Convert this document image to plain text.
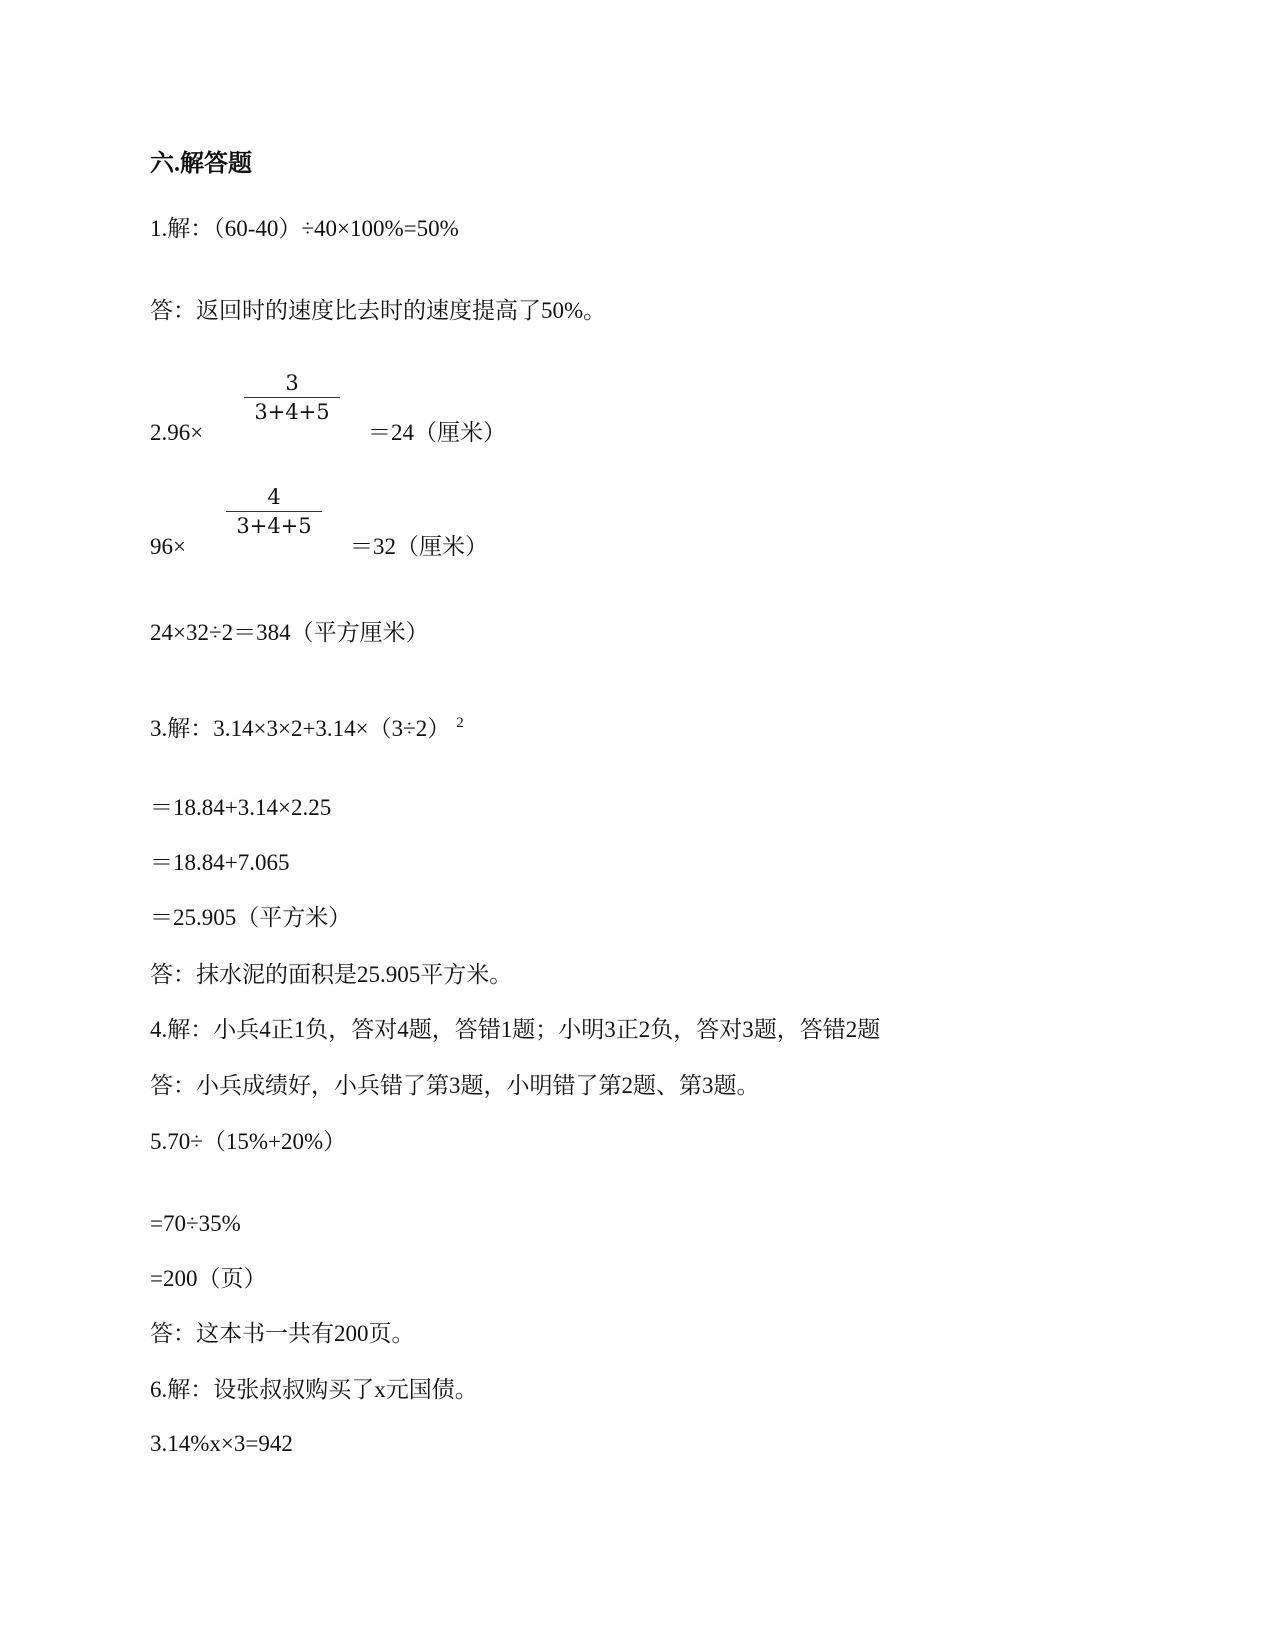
六.解答题
1.解：（60-40）÷40×100%=50%
答：返回时的速度比去时的速度提高了50%。
2.96×
3
3+4+5
＝24（厘米）
96×
4
3+4+5
＝32（厘米）
24×32÷2＝384（平方厘米）
3.解：3.14×3×2+3.14×（3÷2） $^2$
＝18.84+3.14×2.25
＝18.84+7.065
＝25.905（平方米）
答：抹水泥的面积是25.905平方米。
4.解：小兵4正1负，答对4题，答错1题；小明3正2负，答对3题，答错2题
答：小兵成绩好，小兵错了第3题，小明错了第2题、第3题。
5.70÷（15%+20%）
=70÷35%
=200（页）
答：这本书一共有200页。
6.解：设张叔叔购买了x元国债。
3.14%x×3=942
